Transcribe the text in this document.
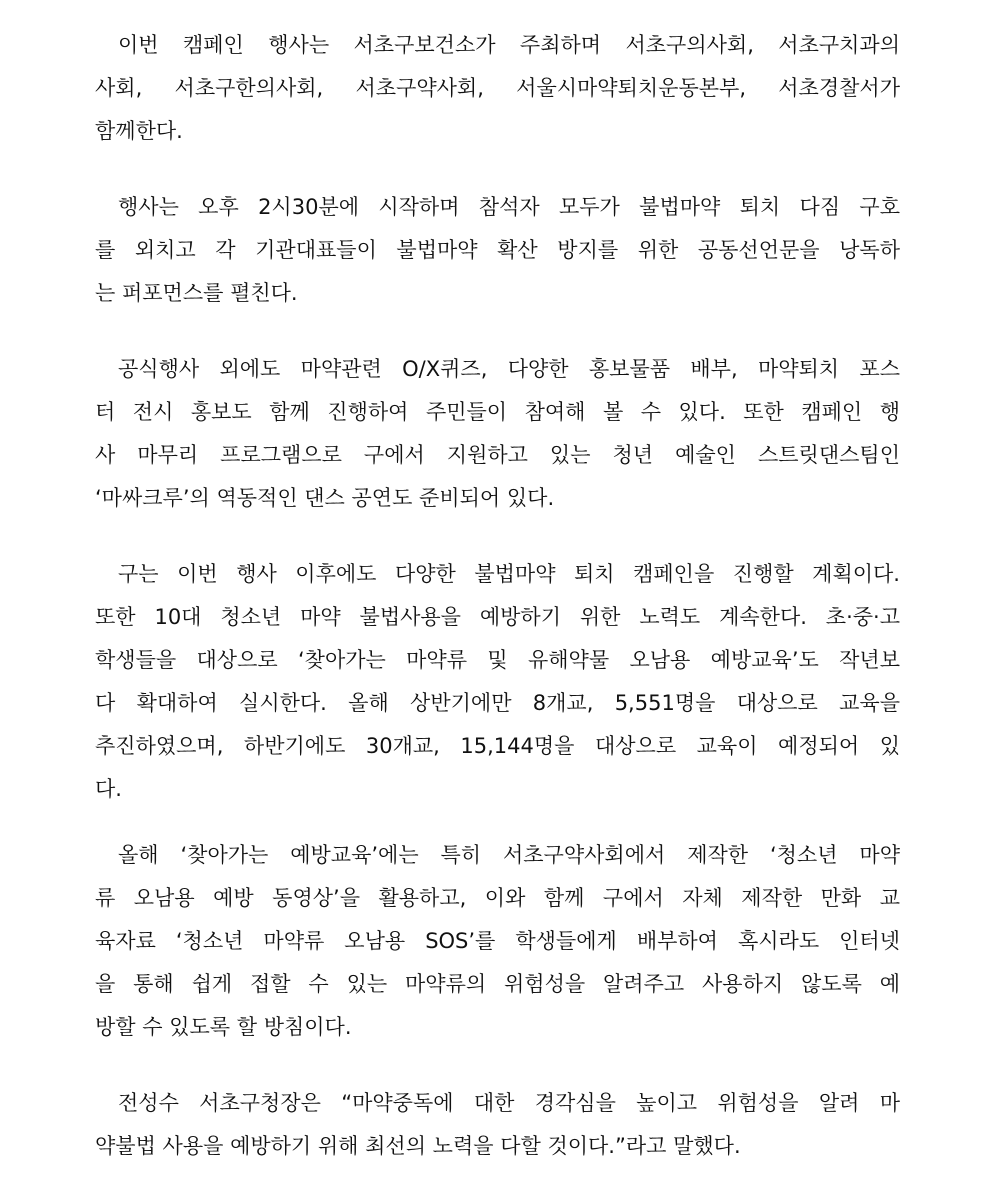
이번 캠페인 행사는 서초구보건소가 주최하며 서초구의사회, 서초구치과의
사회, 서초구한의사회, 서초구약사회, 서울시마약퇴치운동본부, 서초경찰서가
함께한다.
행사는 오후 2시30분에 시작하며 참석자 모두가 불법마약 퇴치 다짐 구호
를 외치고 각 기관대표들이 불법마약 확산 방지를 위한 공동선언문을 낭독하
는 퍼포먼스를 펼친다.
공식행사 외에도 마약관련 O/X퀴즈, 다양한 홍보물품 배부, 마약퇴치 포스
터 전시 홍보도 함께 진행하여 주민들이 참여해 볼 수 있다. 또한 캠페인 행
사 마무리 프로그램으로 구에서 지원하고 있는 청년 예술인 스트릿댄스팀인
‘마싸크루’의 역동적인 댄스 공연도 준비되어 있다.
구는 이번 행사 이후에도 다양한 불법마약 퇴치 캠페인을 진행할 계획이다.
또한 10대 청소년 마약 불법사용을 예방하기 위한 노력도 계속한다. 초·중·고
학생들을 대상으로 ‘찾아가는 마약류 및 유해약물 오남용 예방교육’도 작년보
다 확대하여 실시한다. 올해 상반기에만 8개교, 5,551명을 대상으로 교육을
추진하였으며, 하반기에도 30개교, 15,144명을 대상으로 교육이 예정되어 있
다.
올해 ‘찾아가는 예방교육’에는 특히 서초구약사회에서 제작한 ‘청소년 마약
류 오남용 예방 동영상’을 활용하고, 이와 함께 구에서 자체 제작한 만화 교
육자료 ‘청소년 마약류 오남용 SOS’를 학생들에게 배부하여 혹시라도 인터넷
을 통해 쉽게 접할 수 있는 마약류의 위험성을 알려주고 사용하지 않도록 예
방할 수 있도록 할 방침이다.
전성수 서초구청장은 “마약중독에 대한 경각심을 높이고 위험성을 알려 마
약불법 사용을 예방하기 위해 최선의 노력을 다할 것이다.”라고 말했다.
